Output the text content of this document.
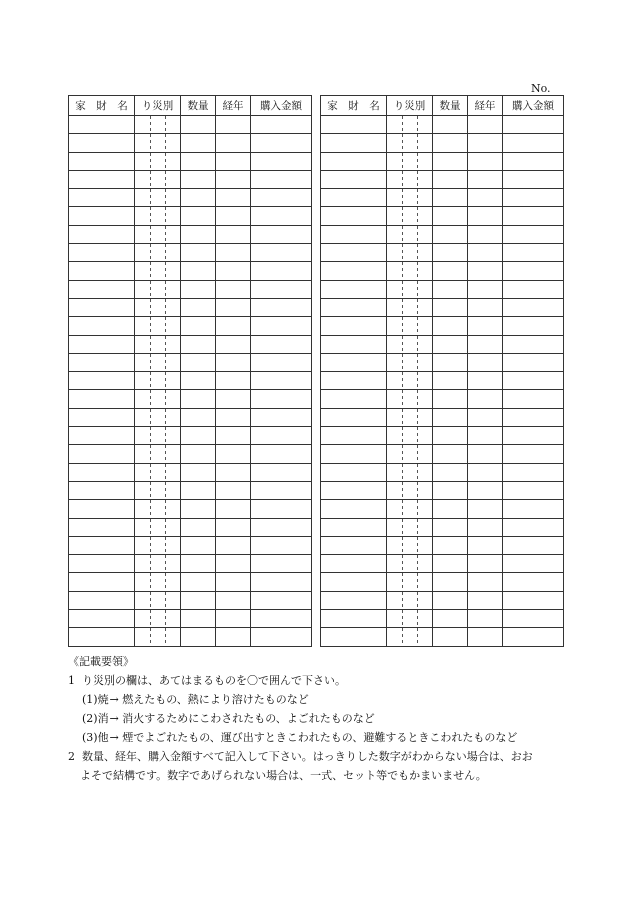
No.
家　財　名	り災別	数量	経年	購入金額

				家　財　名	り災別	数量	経年	購入金額

《記載要領》
1 り災別の欄は、あてはまるものを〇で囲んで下さい。
(1)焼 → 燃えたもの、熱により溶けたものなど
(2)消 → 消火するためにこわされたもの、よごれたものなど
(3)他 → 煙でよごれたもの、運び出すときこわれたもの、避難するときこわれたものなど
2 数量、経年、購入金額すべて記入して下さい。はっきりした数字がわからない場合は、おお
よそで結構です。数字であげられない場合は、一式、セット等でもかまいません。
